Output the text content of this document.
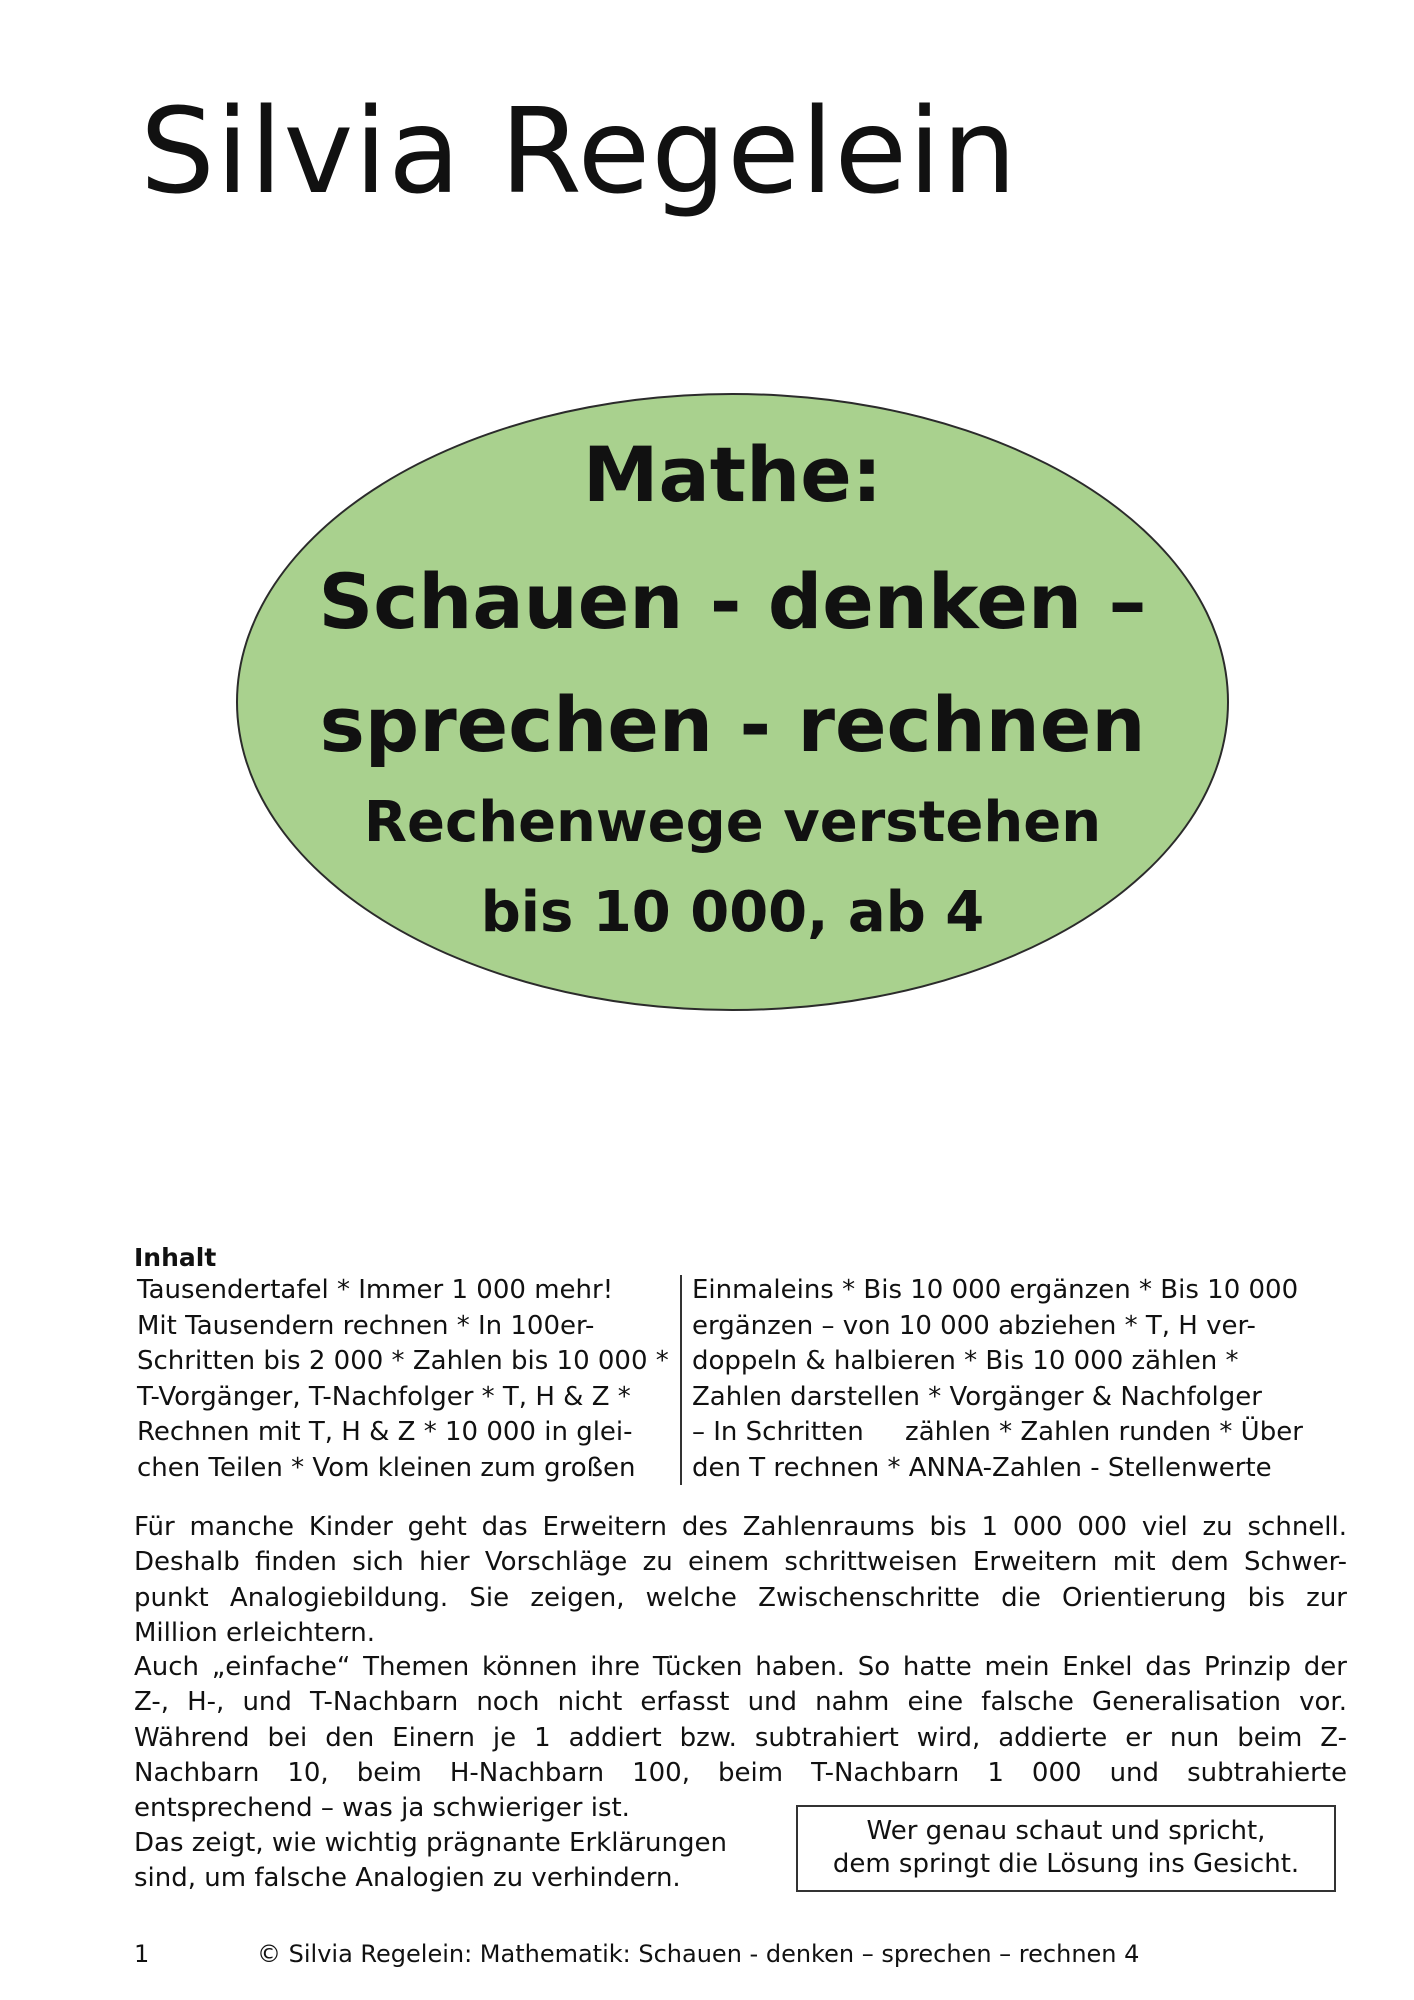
Silvia Regelein
Mathe:
Schauen - denken –
sprechen - rechnen
Rechenwege verstehen
bis 10 000, ab 4
Inhalt
Tausendertafel * Immer 1 000 mehr!
Mit Tausendern rechnen * In 100er-
Schritten bis 2 000 * Zahlen bis 10 000 *
T-Vorgänger, T-Nachfolger * T, H & Z *
Rechnen mit T, H & Z * 10 000 in glei-
chen Teilen * Vom kleinen zum großen
Einmaleins * Bis 10 000 ergänzen * Bis 10 000
ergänzen – von 10 000 abziehen * T, H ver-
doppeln & halbieren * Bis 10 000 zählen *
Zahlen darstellen * Vorgänger & Nachfolger
– In Schritten     zählen * Zahlen runden * Über
den T rechnen * ANNA-Zahlen - Stellenwerte
Für manche Kinder geht das Erweitern des Zahlenraums bis 1 000 000 viel zu schnell.
Deshalb finden sich hier Vorschläge zu einem schrittweisen Erweitern mit dem Schwer-
punkt Analogiebildung. Sie zeigen, welche Zwischenschritte die Orientierung bis zur
Million erleichtern.
Auch „einfache“ Themen können ihre Tücken haben. So hatte mein Enkel das Prinzip der
Z-, H-, und T-Nachbarn noch nicht erfasst und nahm eine falsche Generalisation vor.
Während bei den Einern je 1 addiert bzw. subtrahiert wird, addierte er nun beim Z-
Nachbarn 10, beim H-Nachbarn 100, beim T-Nachbarn 1 000 und subtrahierte
entsprechend – was ja schwieriger ist.
Das zeigt, wie wichtig prägnante Erklärungen
sind, um falsche Analogien zu verhindern.
Wer genau schaut und spricht,
dem springt die Lösung ins Gesicht.
1	© Silvia Regelein: Mathematik: Schauen - denken – sprechen – rechnen 4
